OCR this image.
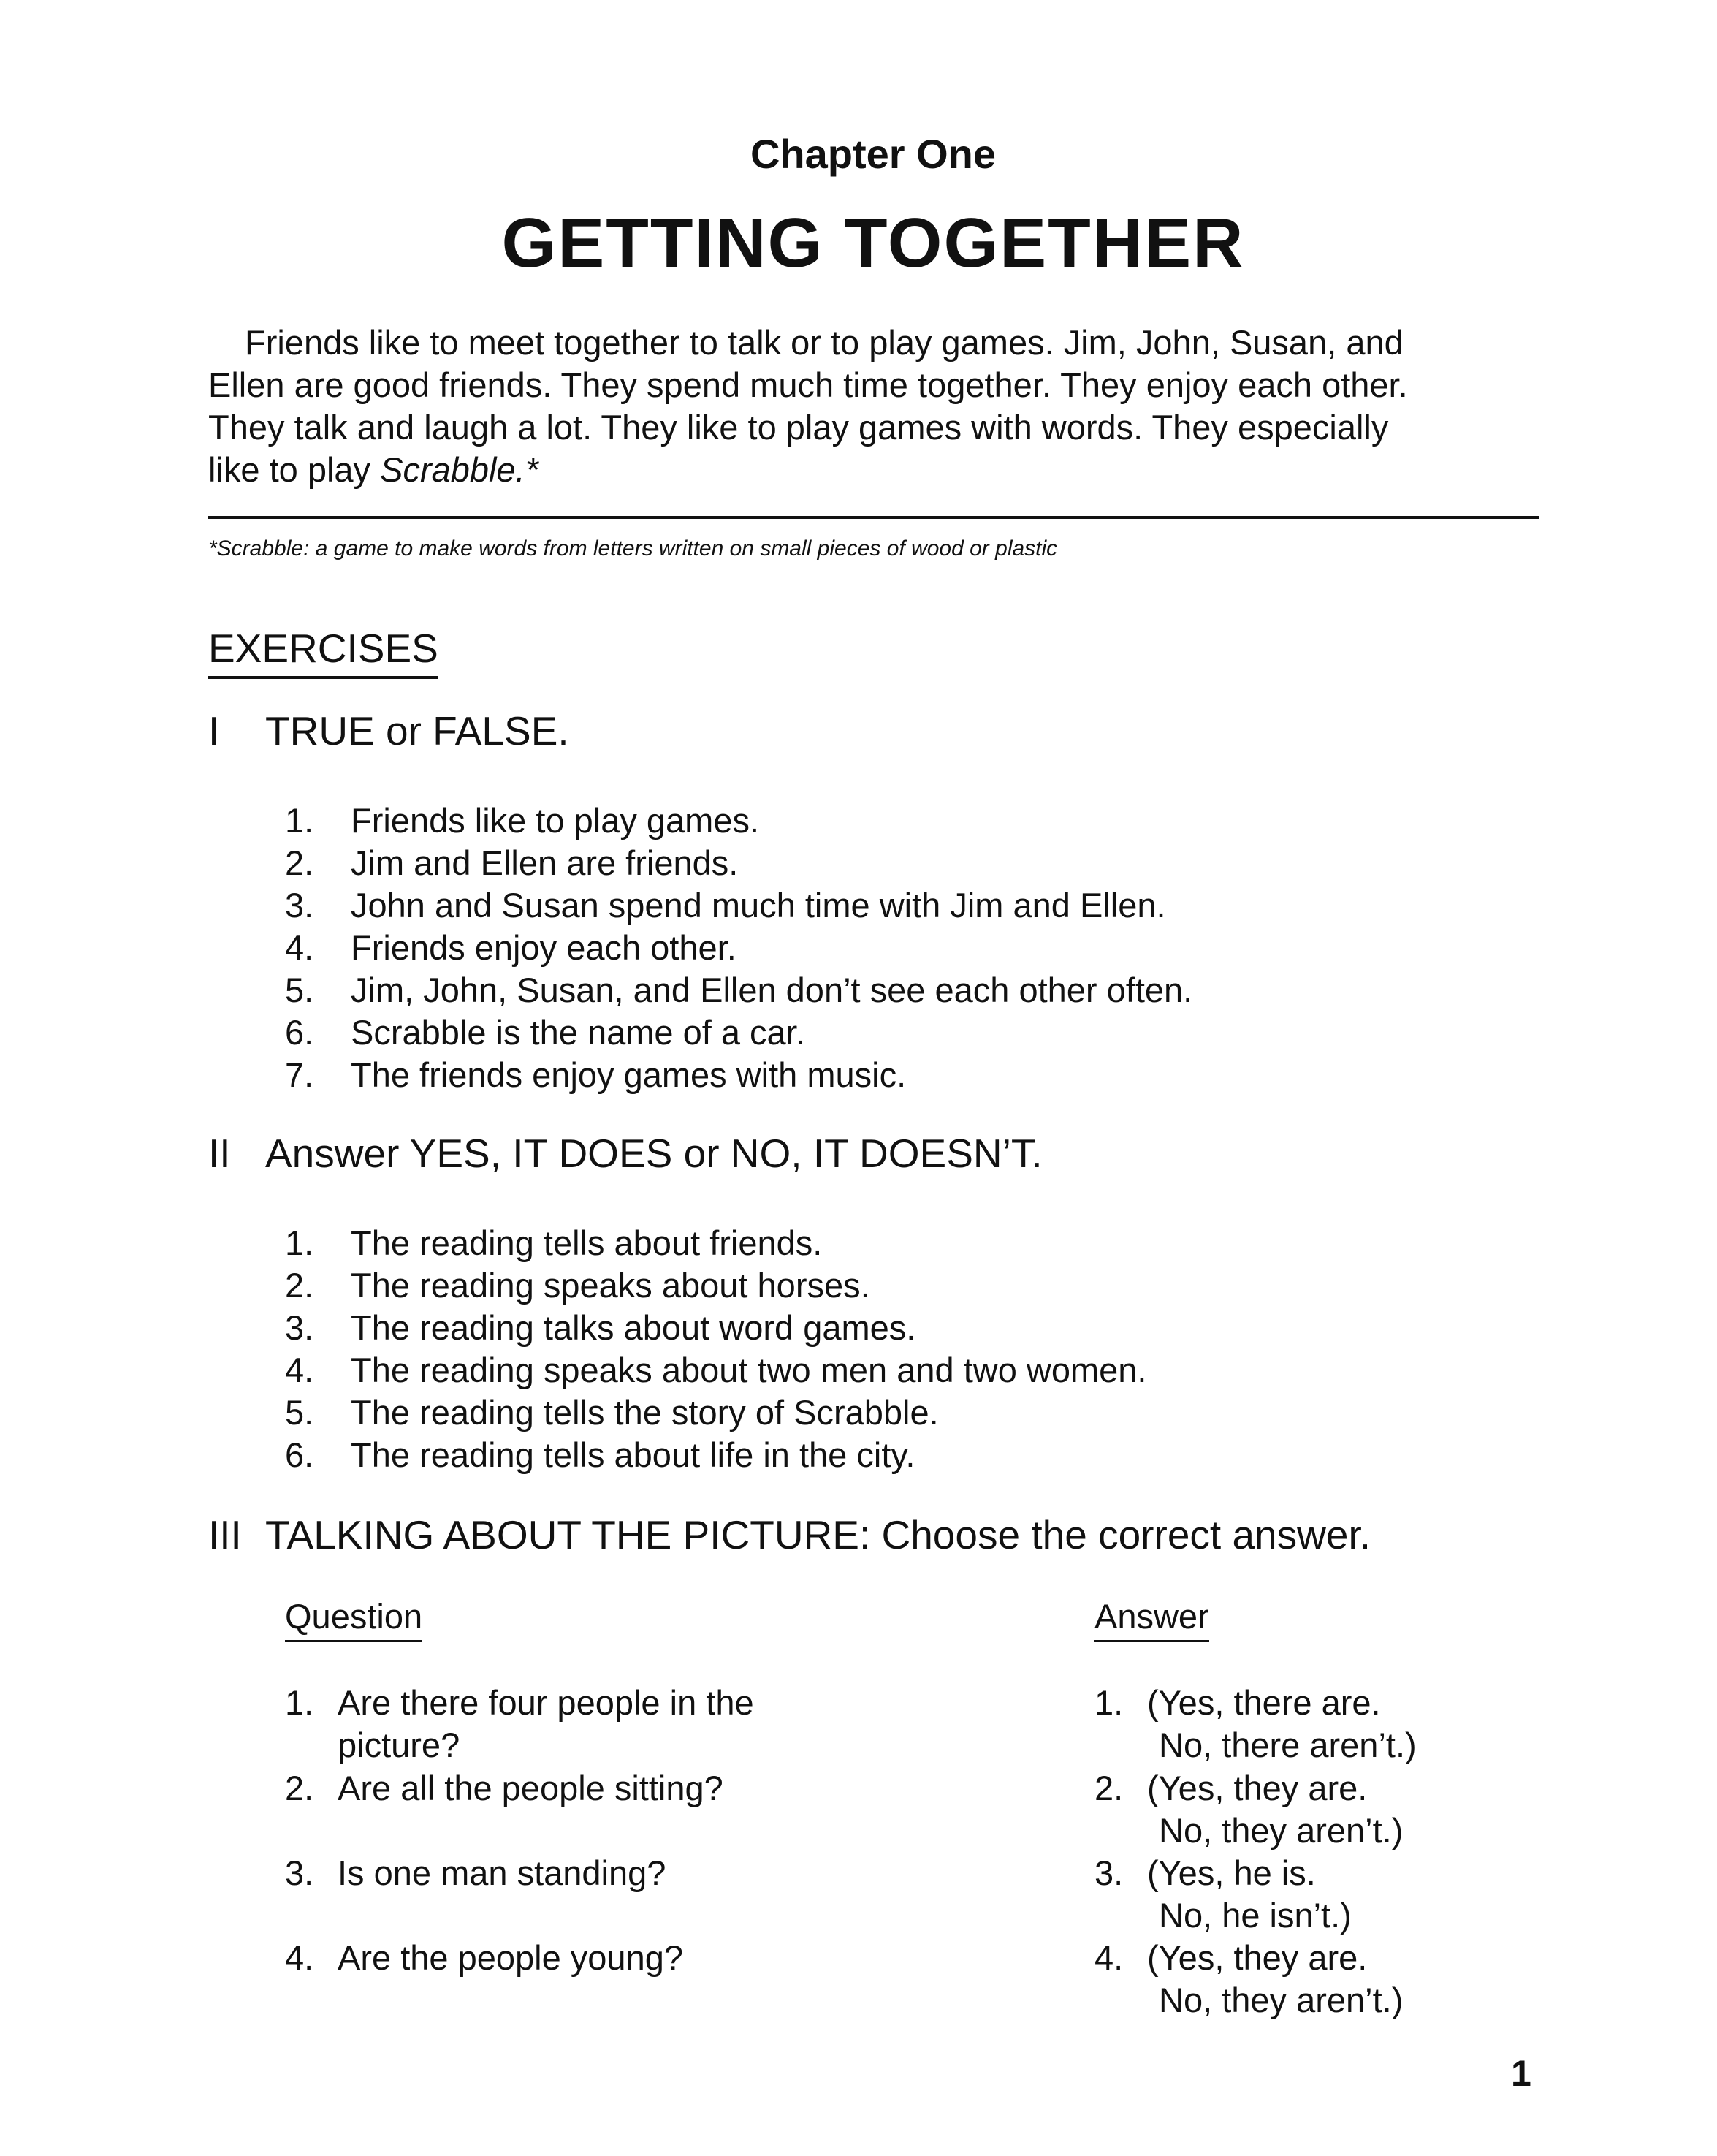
Chapter One
GETTING TOGETHER
Friends like to meet together to talk or to play games. Jim, John, Susan, and
Ellen are good friends. They spend much time together. They enjoy each other.
They talk and laugh a lot. They like to play games with words. They especially
like to play Scrabble.*
*Scrabble: a game to make words from letters written on small pieces of wood or plastic
EXERCISES
I TRUE or FALSE.
1. Friends like to play games.
2. Jim and Ellen are friends.
3. John and Susan spend much time with Jim and Ellen.
4. Friends enjoy each other.
5. Jim, John, Susan, and Ellen don’t see each other often.
6. Scrabble is the name of a car.
7. The friends enjoy games with music.
II Answer YES, IT DOES or NO, IT DOESN’T.
1. The reading tells about friends.
2. The reading speaks about horses.
3. The reading talks about word games.
4. The reading speaks about two men and two women.
5. The reading tells the story of Scrabble.
6. The reading tells about life in the city.
III TALKING ABOUT THE PICTURE: Choose the correct answer.
Question	Answer
1. Are there four people in the
picture?
2. Are all the people sitting?
3. Is one man standing?
4. Are the people young?
1. (Yes, there are.
No, there aren’t.)
2. (Yes, they are.
No, they aren’t.)
3. (Yes, he is.
No, he isn’t.)
4. (Yes, they are.
No, they aren’t.)
1
